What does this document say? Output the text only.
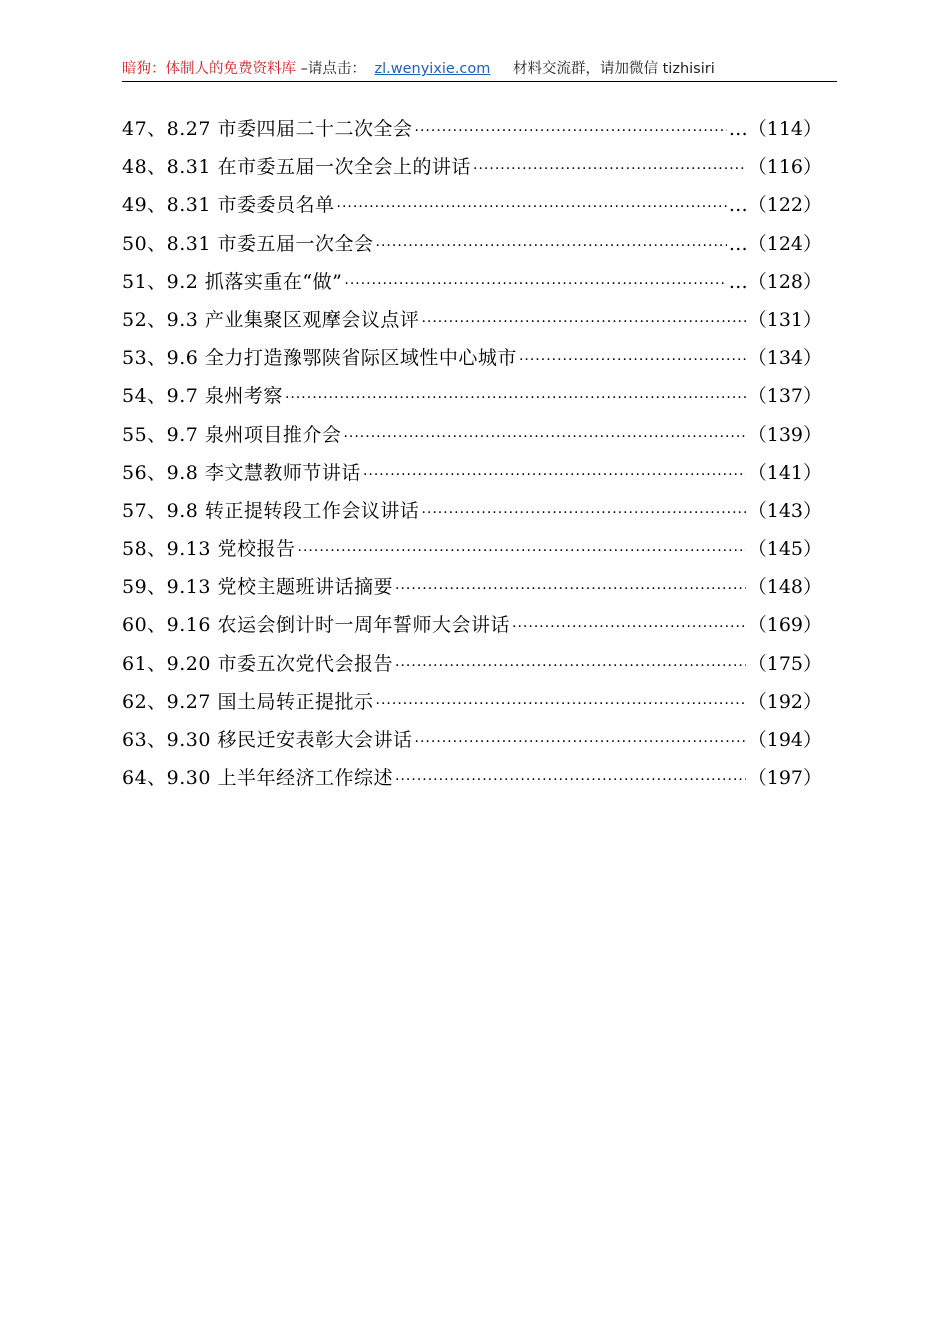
暗狗：体制人的免费资料库 –请点击： zl.wenyixie.com 材料交流群，请加微信 tizhisiri
47、8.27 市委四届二十二次全会 ·····	…（114）
48、8.31 在市委五届一次全会上的讲话 ·····	（116）
49、8.31 市委委员名单 ·····	…（122）
50、8.31 市委五届一次全会 ·····	…（124）
51、9.2 抓落实重在“做” ·····	…（128）
52、9.3 产业集聚区观摩会议点评 ·····	（131）
53、9.6 全力打造豫鄂陕省际区域性中心城市 ·····	（134）
54、9.7 泉州考察 ·····	（137）
55、9.7 泉州项目推介会 ·····	（139）
56、9.8 李文慧教师节讲话 ·····	（141）
57、9.8 转正提转段工作会议讲话 ·····	（143）
58、9.13 党校报告 ·····	（145）
59、9.13 党校主题班讲话摘要 ·····	（148）
60、9.16 农运会倒计时一周年誓师大会讲话 ·····	（169）
61、9.20 市委五次党代会报告 ·····	（175）
62、9.27 国土局转正提批示 ·····	（192）
63、9.30 移民迁安表彰大会讲话 ·····	（194）
64、9.30 上半年经济工作综述 ·····	（197）
